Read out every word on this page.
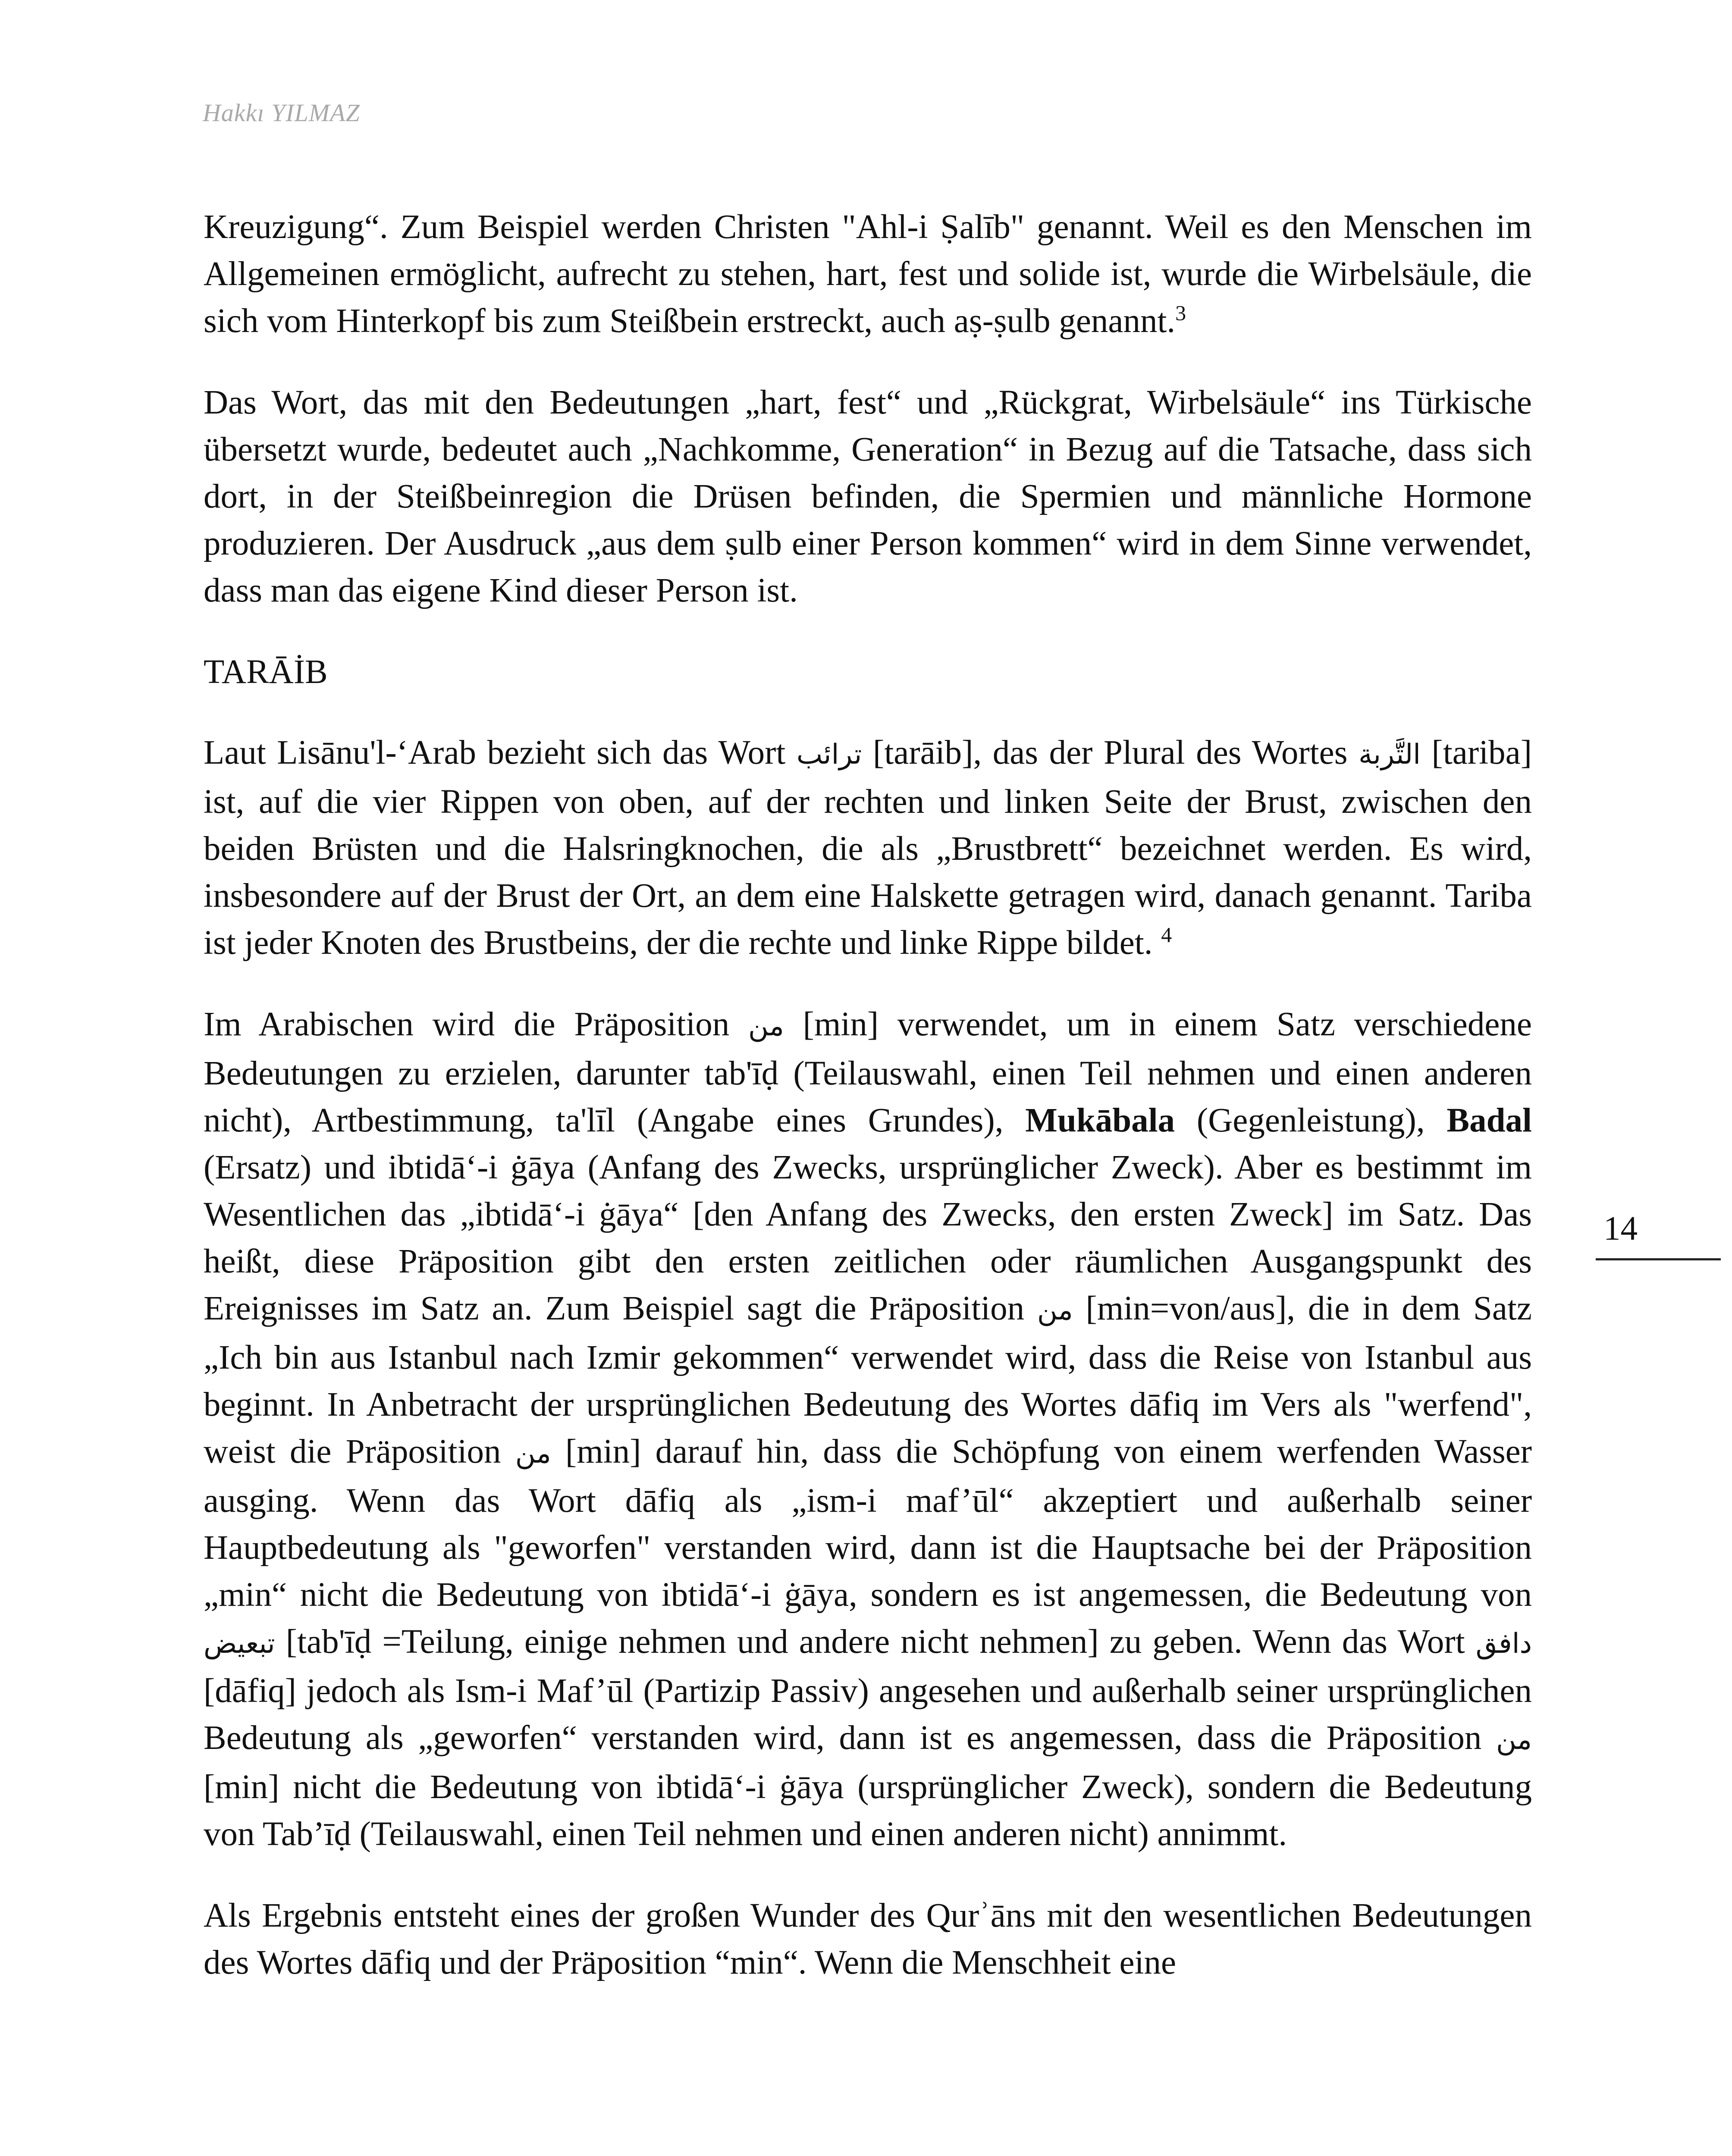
Hakkı YILMAZ

Kreuzigung“. Zum Beispiel werden Christen "Ahl-i Ṣalīb" genannt. Weil es den Menschen im Allgemeinen ermöglicht, aufrecht zu stehen, hart, fest und solide ist, wurde die Wirbelsäule, die sich vom Hinterkopf bis zum Steißbein erstreckt, auch aṣ-ṣulb genannt.$^3$

Das Wort, das mit den Bedeutungen „hart, fest“ und „Rückgrat, Wirbelsäule“ ins Türkische übersetzt wurde, bedeutet auch „Nachkomme, Generation“ in Bezug auf die Tatsache, dass sich dort, in der Steißbeinregion die Drüsen befinden, die Spermien und männliche Hormone produzieren. Der Ausdruck „aus dem ṣulb einer Person kommen“ wird in dem Sinne verwendet, dass man das eigene Kind dieser Person ist.

TARĀİB

Laut Lisānu'l-‘Arab bezieht sich das Wort ترائب [tarāib], das der Plural des Wortes التَّربة [tariba] ist, auf die vier Rippen von oben, auf der rechten und linken Seite der Brust, zwischen den beiden Brüsten und die Halsringknochen, die als „Brustbrett“ bezeichnet werden. Es wird, insbesondere auf der Brust der Ort, an dem eine Halskette getragen wird, danach genannt. Tariba ist jeder Knoten des Brustbeins, der die rechte und linke Rippe bildet. $^4$

Im Arabischen wird die Präposition من [min] verwendet, um in einem Satz verschiedene Bedeutungen zu erzielen, darunter tab'īḍ (Teilauswahl, einen Teil nehmen und einen anderen nicht), Artbestimmung, ta'līl (Angabe eines Grundes), Mukābala (Gegenleistung), Badal (Ersatz) und ibtidā‘-i ġāya (Anfang des Zwecks, ursprünglicher Zweck). Aber es bestimmt im Wesentlichen das „ibtidā‘-i ġāya“ [den Anfang des Zwecks, den ersten Zweck] im Satz. Das heißt, diese Präposition gibt den ersten zeitlichen oder räumlichen Ausgangspunkt des Ereignisses im Satz an. Zum Beispiel sagt die Präposition من [min=von/aus], die in dem Satz „Ich bin aus Istanbul nach Izmir gekommen“ verwendet wird, dass die Reise von Istanbul aus beginnt. In Anbetracht der ursprünglichen Bedeutung des Wortes dāfiq im Vers als "werfend", weist die Präposition من [min] darauf hin, dass die Schöpfung von einem werfenden Wasser ausging. Wenn das Wort dāfiq als „ism-i maf’ūl“ akzeptiert und außerhalb seiner Hauptbedeutung als "geworfen" verstanden wird, dann ist die Hauptsache bei der Präposition „min“ nicht die Bedeutung von ibtidā‘-i ġāya, sondern es ist angemessen, die Bedeutung von تبعيض [tab'īḍ =Teilung, einige nehmen und andere nicht nehmen] zu geben. Wenn das Wort دافق [dāfiq] jedoch als Ism-i Maf’ūl (Partizip Passiv) angesehen und außerhalb seiner ursprünglichen Bedeutung als „geworfen“ verstanden wird, dann ist es angemessen, dass die Präposition من [min] nicht die Bedeutung von ibtidā‘-i ġāya (ursprünglicher Zweck), sondern die Bedeutung von Tab’īḍ (Teilauswahl, einen Teil nehmen und einen anderen nicht) annimmt.

Als Ergebnis entsteht eines der großen Wunder des Qurʾāns mit den wesentlichen Bedeutungen des Wortes dāfiq und der Präposition “min“. Wenn die Menschheit eine

14
